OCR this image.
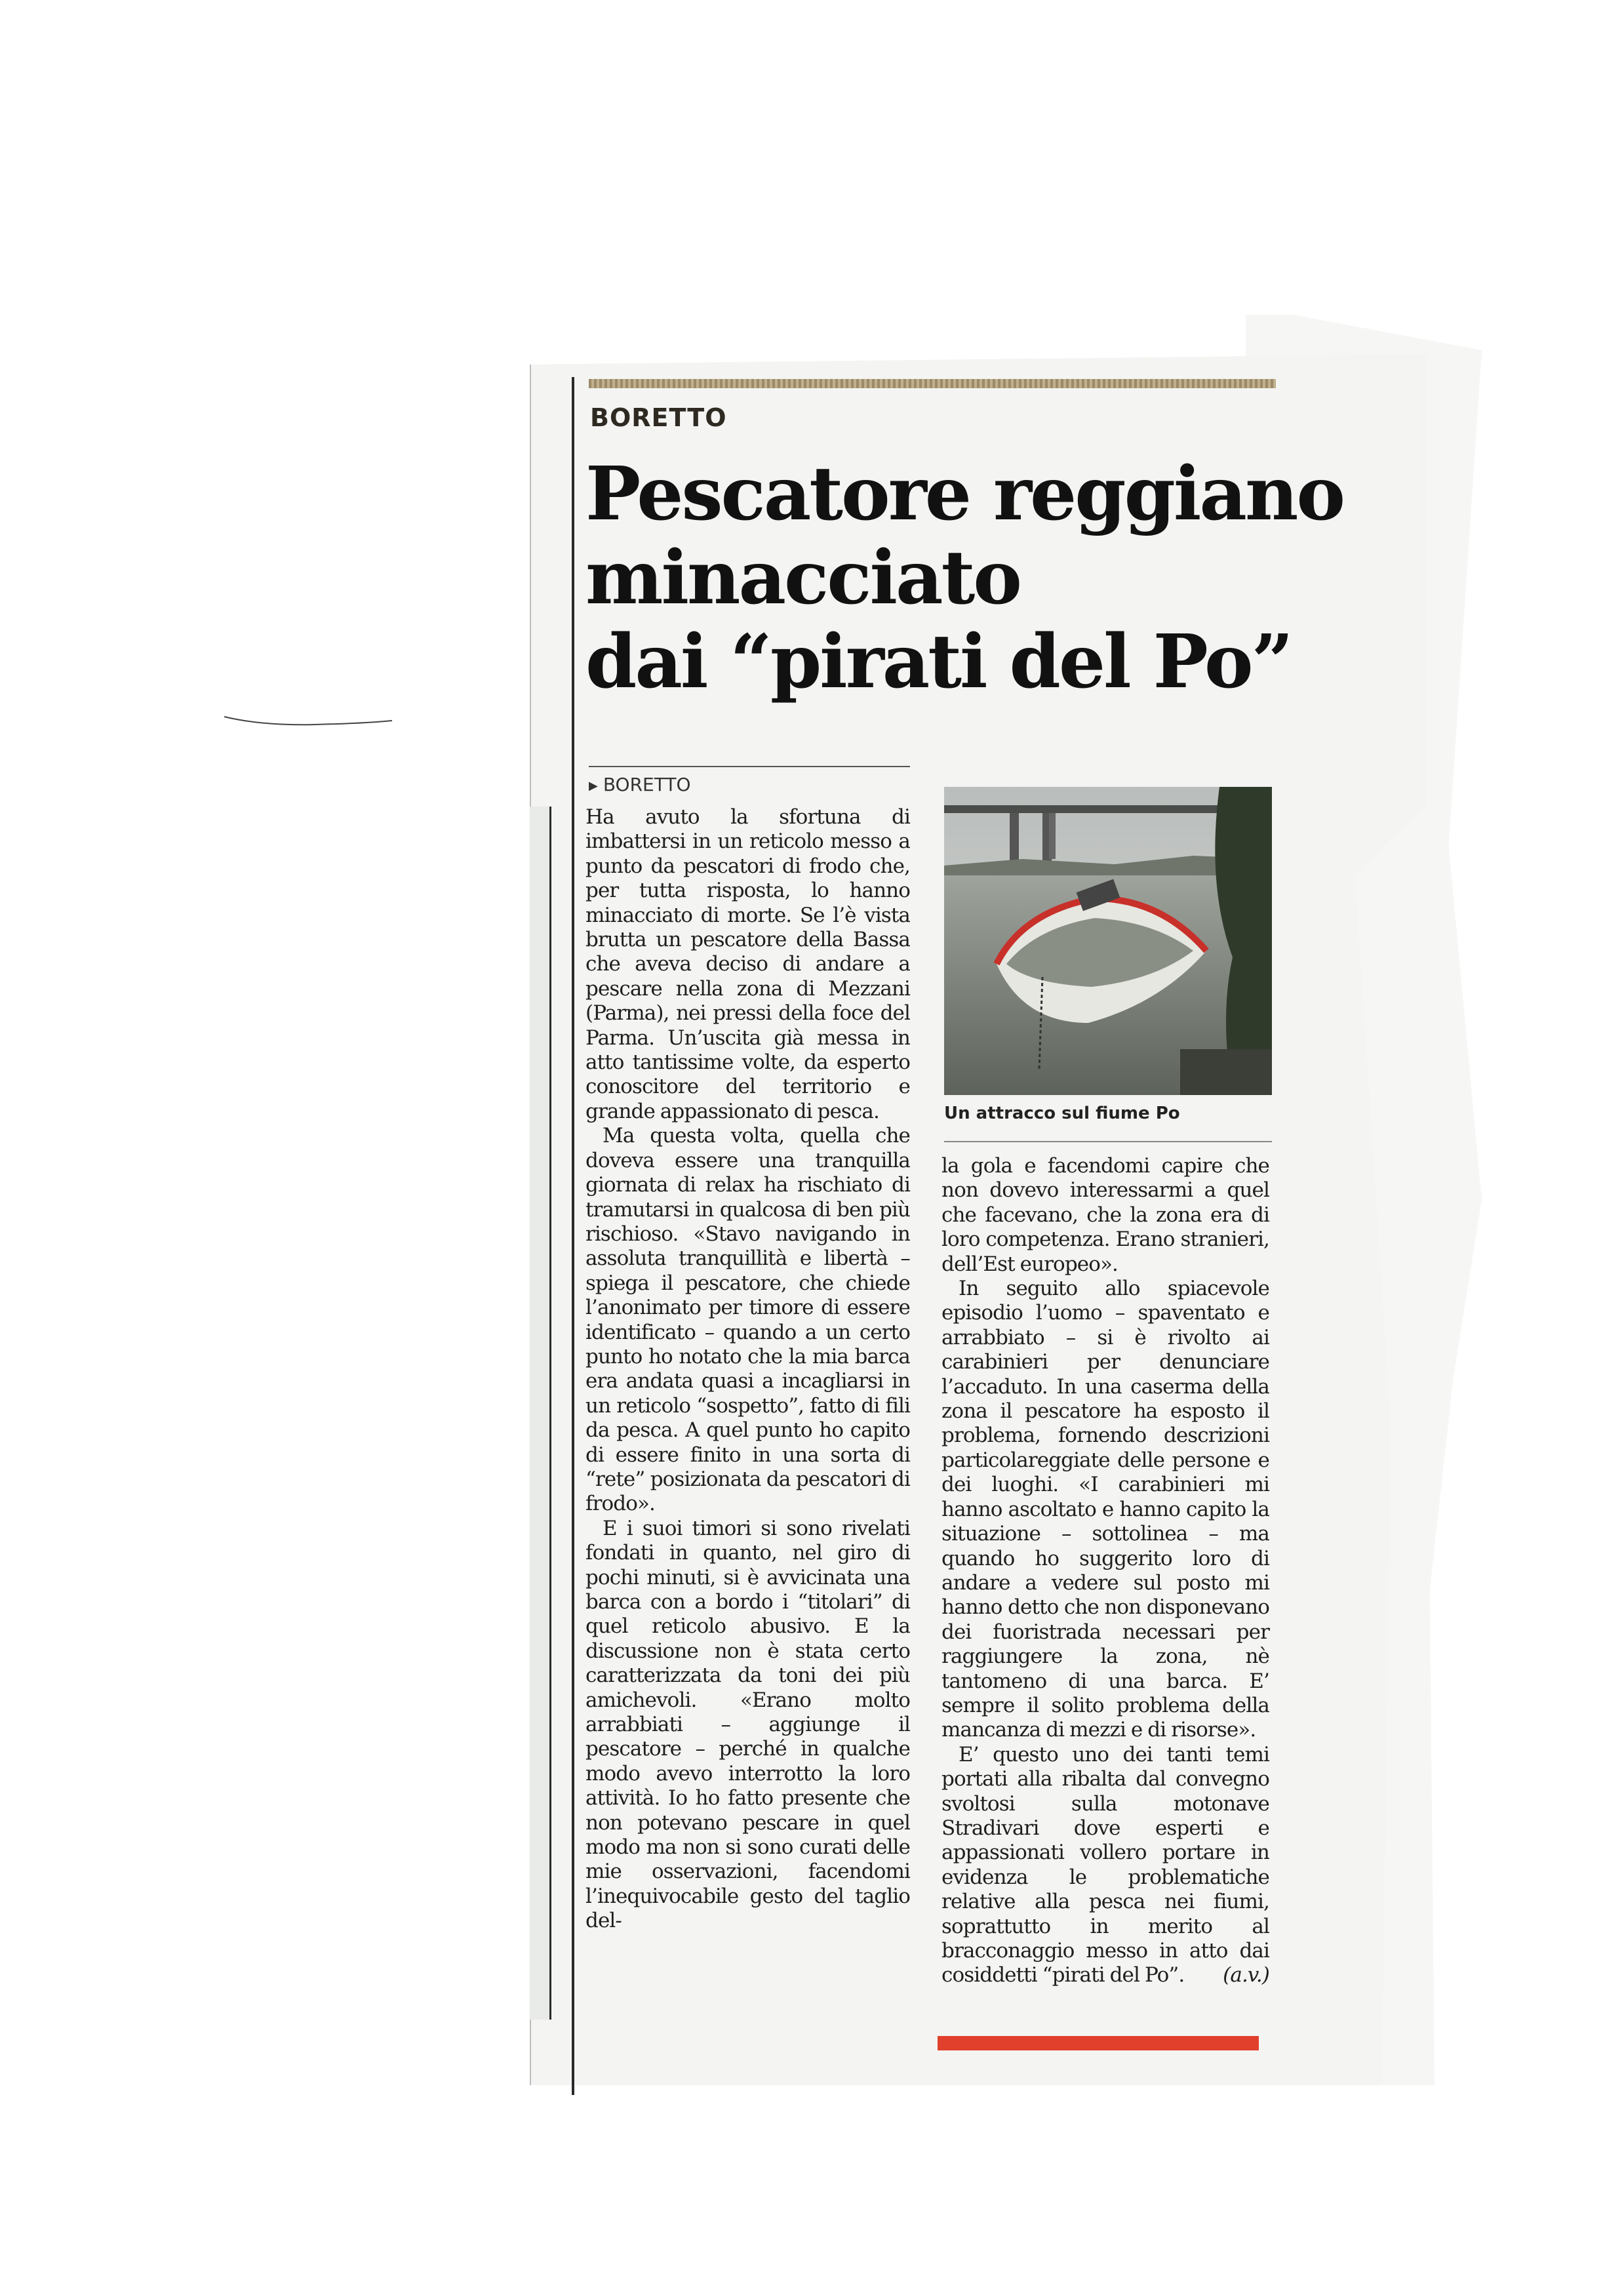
BORETTO
Pescatore reggiano
minacciato
dai “pirati del Po”
▶ BORETTO

Ha avuto la sfortuna di imbattersi in un reticolo messo a punto da pescatori di frodo che, per tutta risposta, lo hanno minacciato di morte. Se l’è vista brutta un pescatore della Bassa che aveva deciso di andare a pescare nella zona di Mezzani (Parma), nei pressi della foce del Parma. Un’uscita già messa in atto tantissime volte, da esperto conoscitore del territorio e grande appassionato di pesca.

Ma questa volta, quella che doveva essere una tranquilla giornata di relax ha rischiato di tramutarsi in qualcosa di ben più rischioso. «Stavo navigando in assoluta tranquillità e libertà – spiega il pescatore, che chiede l’anonimato per timore di essere identificato – quando a un certo punto ho notato che la mia barca era andata quasi a incagliarsi in un reticolo “sospetto”, fatto di fili da pesca. A quel punto ho capito di essere finito in una sorta di “rete” posizionata da pescatori di frodo».

E i suoi timori si sono rivelati fondati in quanto, nel giro di pochi minuti, si è avvicinata una barca con a bordo i “titolari” di quel reticolo abusivo. E la discussione non è stata certo caratterizzata da toni dei più amichevoli. «Erano molto arrabbiati – aggiunge il pescatore – perché in qualche modo avevo interrotto la loro attività. Io ho fatto presente che non potevano pescare in quel modo ma non si sono curati delle mie osservazioni, facendomi l’inequivocabile gesto del taglio del-

Un attracco sul fiume Po

la gola e facendomi capire che non dovevo interessarmi a quel che facevano, che la zona era di loro competenza. Erano stranieri, dell’Est europeo».

In seguito allo spiacevole episodio l’uomo – spaventato e arrabbiato – si è rivolto ai carabinieri per denunciare l’accaduto. In una caserma della zona il pescatore ha esposto il problema, fornendo descrizioni particolareggiate delle persone e dei luoghi. «I carabinieri mi hanno ascoltato e hanno capito la situazione – sottolinea – ma quando ho suggerito loro di andare a vedere sul posto mi hanno detto che non disponevano dei fuoristrada necessari per raggiungere la zona, nè tantomeno di una barca. E’ sempre il solito problema della mancanza di mezzi e di risorse».

E’ questo uno dei tanti temi portati alla ribalta dal convegno svoltosi sulla motonave Stradivari dove esperti e appassionati vollero portare in evidenza le problematiche relative alla pesca nei fiumi, soprattutto in merito al bracconaggio messo in atto dai cosiddetti “pirati del Po”.	(a.v.)
